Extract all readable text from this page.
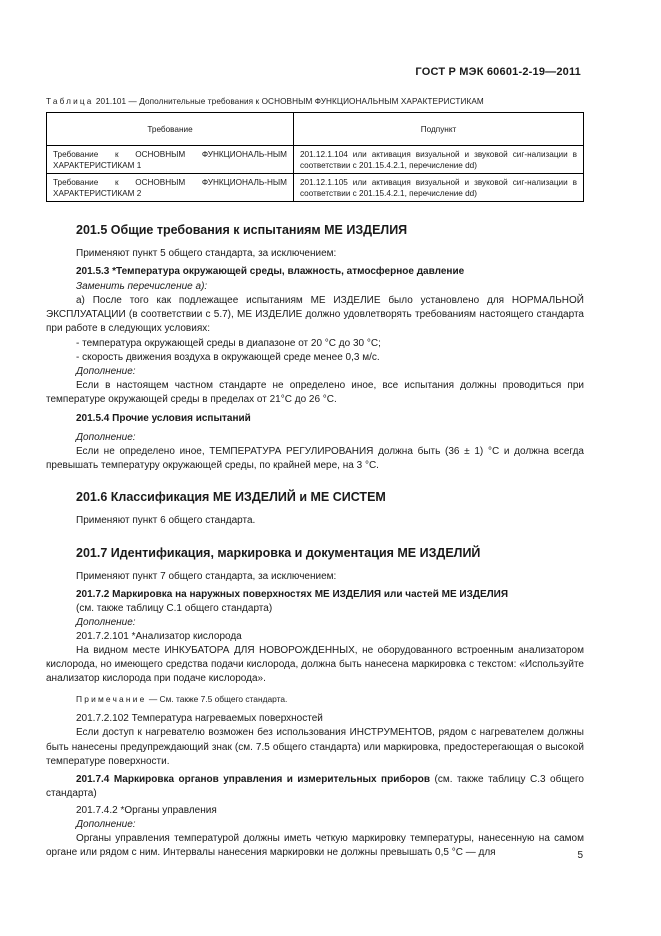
ГОСТ Р МЭК 60601-2-19—2011
Таблица 201.101 — Дополнительные требования к ОСНОВНЫМ ФУНКЦИОНАЛЬНЫМ ХАРАКТЕРИСТИКАМ
Требование	Подпункт
Требование к ОСНОВНЫМ ФУНКЦИОНАЛЬ-НЫМ ХАРАКТЕРИСТИКАМ 1	201.12.1.104 или активация визуальной и звуковой сиг-нализации в соответствии с 201.15.4.2.1, перечисление dd)
Требование к ОСНОВНЫМ ФУНКЦИОНАЛЬ-НЫМ ХАРАКТЕРИСТИКАМ 2	201.12.1.105 или активация визуальной и звуковой сиг-нализации в соответствии с 201.15.4.2.1, перечисление dd)

201.5 Общие требования к испытаниям МЕ ИЗДЕЛИЯ

Применяют пункт 5 общего стандарта, за исключением:

201.5.3 *Температура окружающей среды, влажность, атмосферное давление

Заменить перечисление а):

а) После того как подлежащее испытаниям МЕ ИЗДЕЛИЕ было установлено для НОРМАЛЬНОЙ ЭКСПЛУАТАЦИИ (в соответствии с 5.7), МЕ ИЗДЕЛИЕ должно удовлетворять требованиям настоящего стандарта при работе в следующих условиях:

- температура окружающей среды в диапазоне от 20 °С до 30 °С;

- скорость движения воздуха в окружающей среде менее 0,3 м/с.

Дополнение:

Если в настоящем частном стандарте не определено иное, все испытания должны проводиться при температуре окружающей среды в пределах от 21°С до 26 °С.

201.5.4 Прочие условия испытаний

Дополнение:

Если не определено иное, ТЕМПЕРАТУРА РЕГУЛИРОВАНИЯ должна быть (36 ± 1) °С и должна всегда превышать температуру окружающей среды, по крайней мере, на 3 °С.

201.6 Классификация МЕ ИЗДЕЛИЙ и МЕ СИСТЕМ

Применяют пункт 6 общего стандарта.

201.7 Идентификация, маркировка и документация МЕ ИЗДЕЛИЙ

Применяют пункт 7 общего стандарта, за исключением:

201.7.2 Маркировка на наружных поверхностях МЕ ИЗДЕЛИЯ или частей МЕ ИЗДЕЛИЯ

(см. также таблицу С.1 общего стандарта)

Дополнение:

201.7.2.101 *Анализатор кислорода

На видном месте ИНКУБАТОРА ДЛЯ НОВОРОЖДЕННЫХ, не оборудованного встроенным анализатором кислорода, но имеющего средства подачи кислорода, должна быть нанесена маркировка с текстом: «Используйте анализатор кислорода при подаче кислорода».

Примечание — См. также 7.5 общего стандарта.

201.7.2.102 Температура нагреваемых поверхностей

Если доступ к нагревателю возможен без использования ИНСТРУМЕНТОВ, рядом с нагревателем должны быть нанесены предупреждающий знак (см. 7.5 общего стандарта) или маркировка, предостерегающая о высокой температуре поверхности.

201.7.4 Маркировка органов управления и измерительных приборов (см. также таблицу С.3 общего стандарта)

201.7.4.2 *Органы управления

Дополнение:

Органы управления температурой должны иметь четкую маркировку температуры, нанесенную на самом органе или рядом с ним. Интервалы нанесения маркировки не должны превышать 0,5 °С — для	5
